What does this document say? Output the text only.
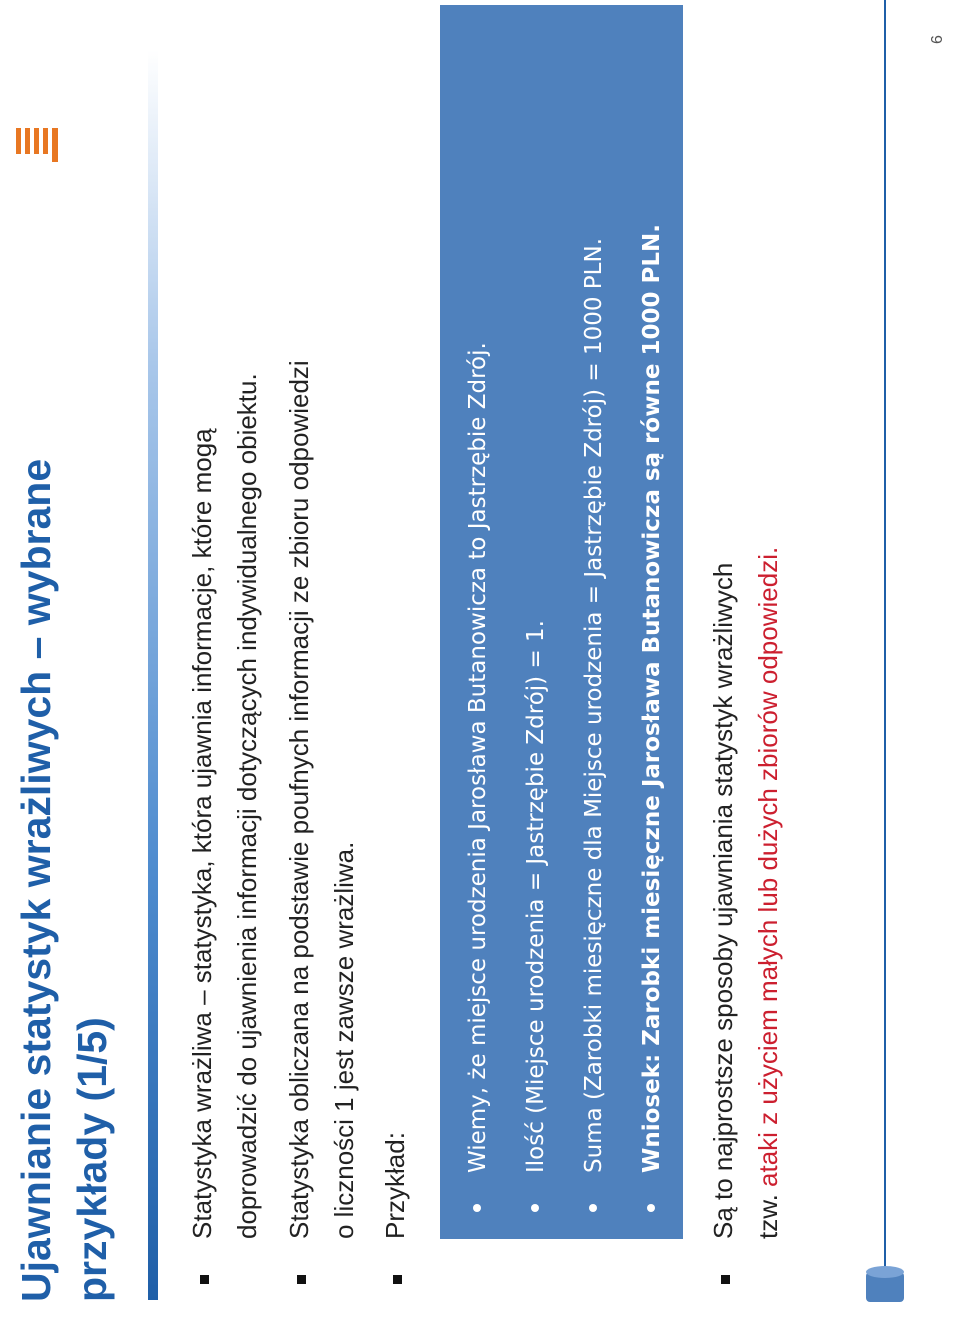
Ujawnianie statystyk wrażliwych – wybrane przykłady (1/5)	Statystyka wrażliwa – statystyka, która ujawnia informacje, które mogą doprowadzić do ujawnienia informacji dotyczących indywidualnego obiektu. Statystyka obliczana na podstawie poufnych informacji ze zbioru odpowiedzi o liczności 1 jest zawsze wrażliwa. Przykład:
Wiemy, że miejsce urodzenia Jarosława Butanowicza to Jastrzębie Zdrój.	Ilość (Miejsce urodzenia = Jastrzębie Zdrój) = 1.	Suma (Zarobki miesięczne dla Miejsce urodzenia = Jastrzębie Zdrój) = 1000 PLN.	Wniosek: Zarobki miesięczne Jarosława Butanowicza są równe 1000 PLN. Są to najprostsze sposoby ujawniania statystyk wrażliwych tzw. ataki z użyciem małych lub dużych zbiorów odpowiedzi.
6
